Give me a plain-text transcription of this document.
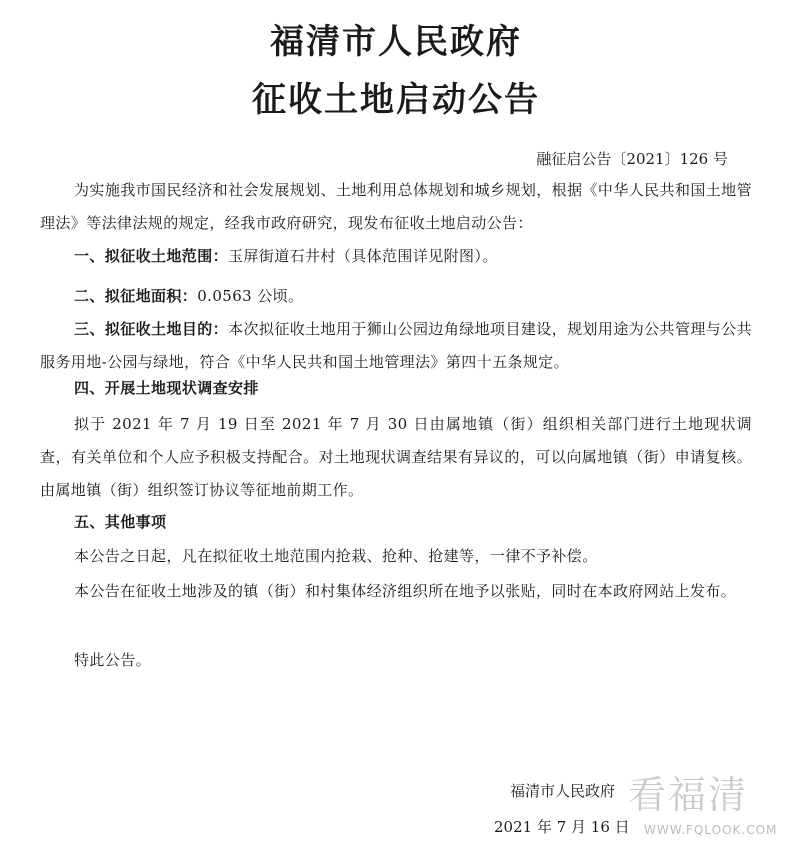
福清市人民政府
征收土地启动公告
融征启公告〔2021〕126 号

为实施我市国民经济和社会发展规划、土地利用总体规划和城乡规划，根据《中华人民共和国土地管理法》等法律法规的规定，经我市政府研究，现发布征收土地启动公告：

一、拟征收土地范围：玉屏街道石井村（具体范围详见附图）。

二、拟征地面积：0.0563 公顷。

三、拟征收土地目的：本次拟征收土地用于狮山公园边角绿地项目建设，规划用途为公共管理与公共服务用地-公园与绿地，符合《中华人民共和国土地管理法》第四十五条规定。

四、开展土地现状调查安排

拟于 2021 年 7 月 19 日至 2021 年 7 月 30 日由属地镇（街）组织相关部门进行土地现状调查，有关单位和个人应予积极支持配合。对土地现状调查结果有异议的，可以向属地镇（街）申请复核。由属地镇（街）组织签订协议等征地前期工作。

五、其他事项

本公告之日起，凡在拟征收土地范围内抢栽、抢种、抢建等，一律不予补偿。

本公告在征收土地涉及的镇（街）和村集体经济组织所在地予以张贴，同时在本政府网站上发布。

特此公告。

福清市人民政府
2021 年 7 月 16 日
看福清
WWW.FQLOOK.COM
